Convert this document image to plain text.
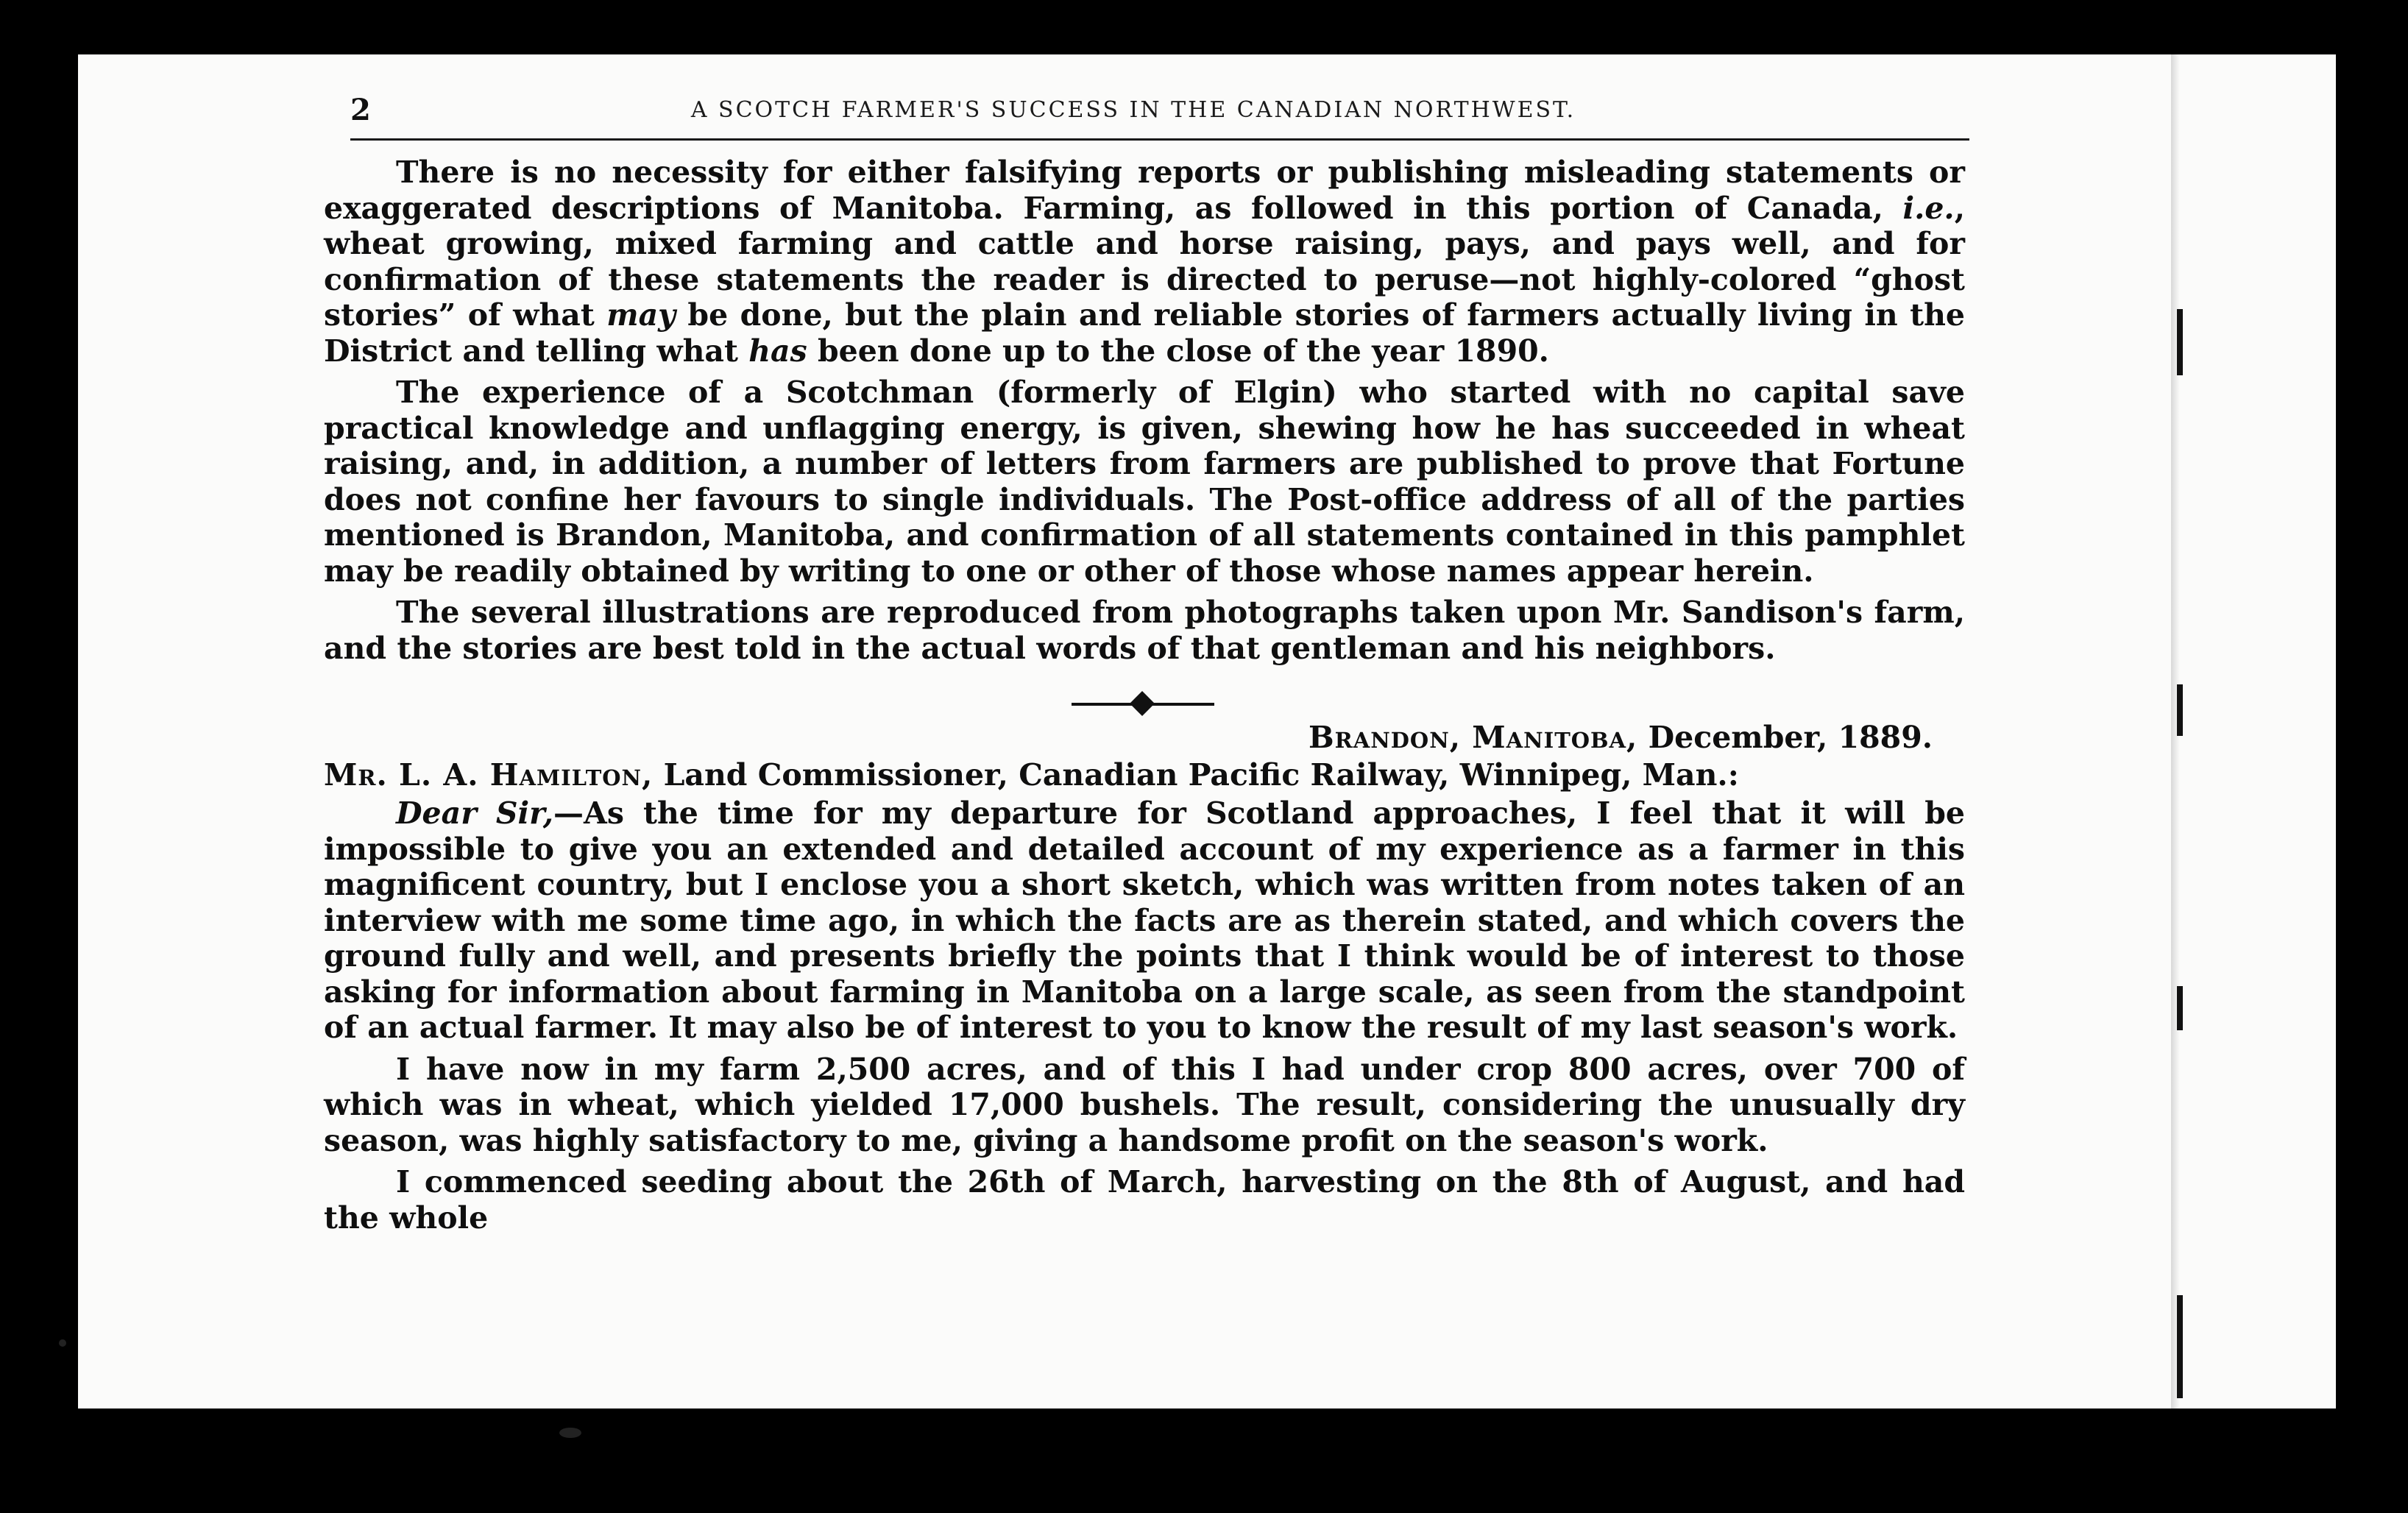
2	A SCOTCH FARMER'S SUCCESS IN THE CANADIAN NORTHWEST.

There is no necessity for either falsifying reports or publishing misleading statements or exaggerated descriptions of Manitoba. Farming, as followed in this portion of Canada, i.e., wheat growing, mixed farming and cattle and horse raising, pays, and pays well, and for confirmation of these statements the reader is directed to peruse—not highly-colored “ghost stories” of what may be done, but the plain and reliable stories of farmers actually living in the District and telling what has been done up to the close of the year 1890.

The experience of a Scotchman (formerly of Elgin) who started with no capital save practical knowledge and unflagging energy, is given, shewing how he has succeeded in wheat raising, and, in addition, a number of letters from farmers are published to prove that Fortune does not confine her favours to single individuals. The Post-office address of all of the parties mentioned is Brandon, Manitoba, and confirmation of all statements contained in this pamphlet may be readily obtained by writing to one or other of those whose names appear herein.

The several illustrations are reproduced from photographs taken upon Mr. Sandison's farm, and the stories are best told in the actual words of that gentleman and his neighbors.

Brandon, Manitoba, December, 1889.
Mr. L. A. Hamilton, Land Commissioner, Canadian Pacific Railway, Winnipeg, Man.:

Dear Sir,—As the time for my departure for Scotland approaches, I feel that it will be impossible to give you an extended and detailed account of my experience as a farmer in this magnificent country, but I enclose you a short sketch, which was written from notes taken of an interview with me some time ago, in which the facts are as therein stated, and which covers the ground fully and well, and presents briefly the points that I think would be of interest to those asking for information about farming in Manitoba on a large scale, as seen from the standpoint of an actual farmer. It may also be of interest to you to know the result of my last season's work.

I have now in my farm 2,500 acres, and of this I had under crop 800 acres, over 700 of which was in wheat, which yielded 17,000 bushels. The result, considering the unusually dry season, was highly satisfactory to me, giving a handsome profit on the season's work.

I commenced seeding about the 26th of March, harvesting on the 8th of August, and had the whole
